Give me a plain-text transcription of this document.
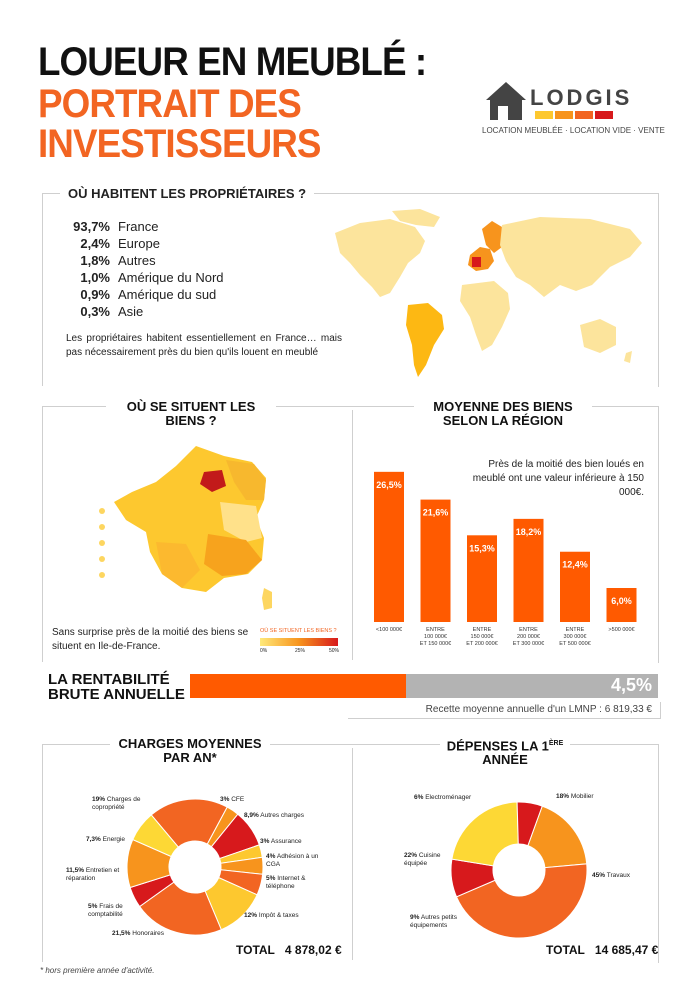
LOUEUR EN MEUBLÉ :
PORTRAIT DES
INVESTISSEURS
LODGIS
LOCATION MEUBLÉE · LOCATION VIDE · VENTE
OÙ HABITENT LES PROPRIÉTAIRES ?
93,7% France
2,4% Europe
1,8% Autres
1,0% Amérique du Nord
0,9% Amérique du sud
0,3% Asie
Les propriétaires habitent essentiellement en France… mais pas nécessairement près du bien qu'ils louent en meublé
OÙ SE SITUENT LES
BIENS ?
MOYENNE DES BIENS
SELON LA RÉGION
Sans surprise près de la moitié des biens se situent en Ile-de-France.
OÙ SE SITUENT LES BIENS ?
0%	25%	50%
26,5%
<100 000€
21,6%
ENTRE
100 000€
ET 150 000€
15,3%
ENTRE
150 000€
ET 200 000€
18,2%
ENTRE
200 000€
ET 300 000€
12,4%
ENTRE
300 000€
ET 500 000€
6,0%
>500 000€
Près de la moitié des bien loués en meublé ont une valeur inférieure à 150 000€.
LA RENTABILITÉ
BRUTE ANNUELLE	4,5%
Recette moyenne annuelle d'un LMNP : 6 819,33 €
CHARGES MOYENNES
PAR AN*
DÉPENSES LA 1ÈRE
ANNÉE
19% Charges de copropriété
3% CFE
8,9% Autres charges
3% Assurance
4% Adhésion à un CGA
5% Internet & téléphone
12% Impôt & taxes
21,5% Honoraires
5% Frais de comptabilité
11,5% Entretien et réparation
7,3% Energie
18% Mobilier
45% Travaux
9% Autres petits équipements
22% Cuisine équipée
6% Electroménager
TOTAL 4 878,02 €	TOTAL 14 685,47 €
* hors première année d'activité.
